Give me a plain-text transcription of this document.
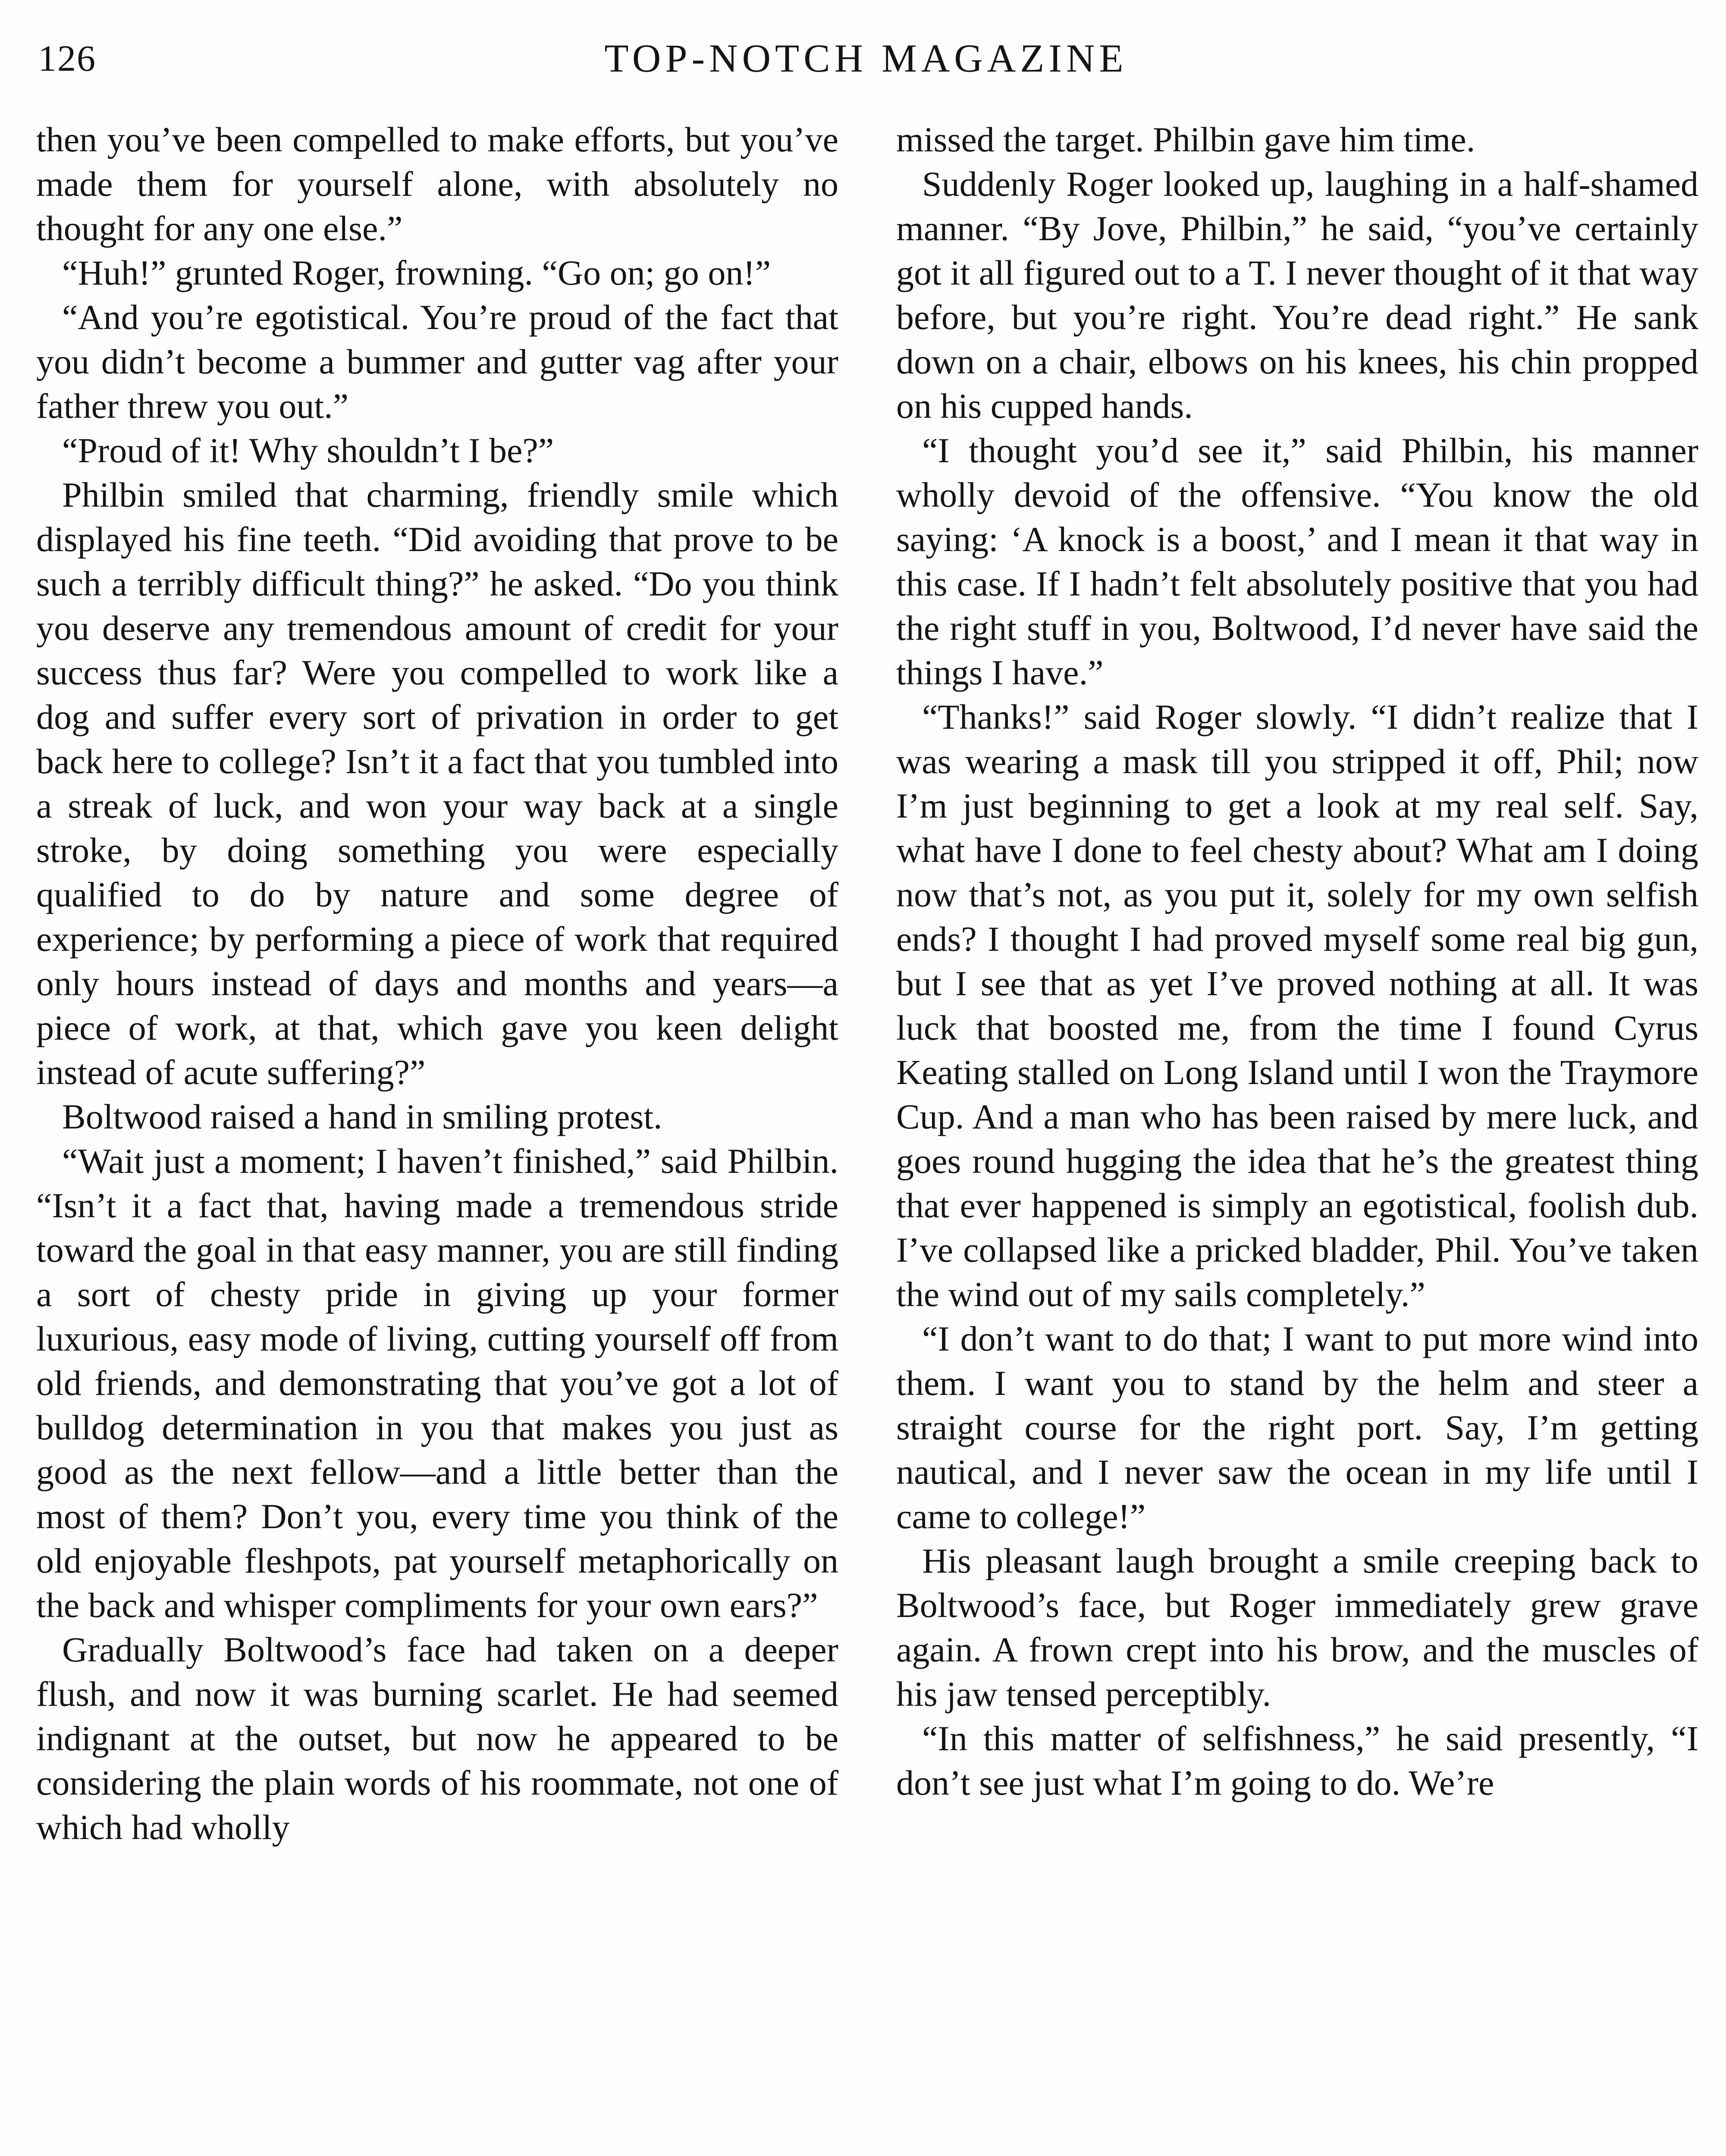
126	TOP-NOTCH MAGAZINE

then you’ve been compelled to make efforts, but you’ve made them for yourself alone, with absolutely no thought for any one else.”

“Huh!” grunted Roger, frowning. “Go on; go on!”

“And you’re egotistical. You’re proud of the fact that you didn’t become a bummer and gutter vag after your father threw you out.”

“Proud of it! Why shouldn’t I be?”

Philbin smiled that charming, friendly smile which displayed his fine teeth. “Did avoiding that prove to be such a terribly difficult thing?” he asked. “Do you think you deserve any tremendous amount of credit for your success thus far? Were you compelled to work like a dog and suffer every sort of privation in order to get back here to college? Isn’t it a fact that you tumbled into a streak of luck, and won your way back at a single stroke, by doing something you were especially qualified to do by nature and some degree of experience; by performing a piece of work that required only hours instead of days and months and years—a piece of work, at that, which gave you keen delight instead of acute suffering?”

Boltwood raised a hand in smiling protest.

“Wait just a moment; I haven’t finished,” said Philbin. “Isn’t it a fact that, having made a tremendous stride toward the goal in that easy manner, you are still finding a sort of chesty pride in giving up your former luxurious, easy mode of living, cutting yourself off from old friends, and demonstrating that you’ve got a lot of bulldog determination in you that makes you just as good as the next fellow—and a little better than the most of them? Don’t you, every time you think of the old enjoyable fleshpots, pat yourself metaphorically on the back and whisper compliments for your own ears?”

Gradually Boltwood’s face had taken on a deeper flush, and now it was burning scarlet. He had seemed indignant at the outset, but now he appeared to be considering the plain words of his roommate, not one of which had wholly

missed the target. Philbin gave him time.

Suddenly Roger looked up, laughing in a half-shamed manner. “By Jove, Philbin,” he said, “you’ve certainly got it all figured out to a T. I never thought of it that way before, but you’re right. You’re dead right.” He sank down on a chair, elbows on his knees, his chin propped on his cupped hands.

“I thought you’d see it,” said Philbin, his manner wholly devoid of the offensive. “You know the old saying: ‘A knock is a boost,’ and I mean it that way in this case. If I hadn’t felt absolutely positive that you had the right stuff in you, Boltwood, I’d never have said the things I have.”

“Thanks!” said Roger slowly. “I didn’t realize that I was wearing a mask till you stripped it off, Phil; now I’m just beginning to get a look at my real self. Say, what have I done to feel chesty about? What am I doing now that’s not, as you put it, solely for my own selfish ends? I thought I had proved myself some real big gun, but I see that as yet I’ve proved nothing at all. It was luck that boosted me, from the time I found Cyrus Keating stalled on Long Island until I won the Traymore Cup. And a man who has been raised by mere luck, and goes round hugging the idea that he’s the greatest thing that ever happened is simply an egotistical, foolish dub. I’ve collapsed like a pricked bladder, Phil. You’ve taken the wind out of my sails completely.”

“I don’t want to do that; I want to put more wind into them. I want you to stand by the helm and steer a straight course for the right port. Say, I’m getting nautical, and I never saw the ocean in my life until I came to college!”

His pleasant laugh brought a smile creeping back to Boltwood’s face, but Roger immediately grew grave again. A frown crept into his brow, and the muscles of his jaw tensed perceptibly.

“In this matter of selfishness,” he said presently, “I don’t see just what I’m going to do. We’re
